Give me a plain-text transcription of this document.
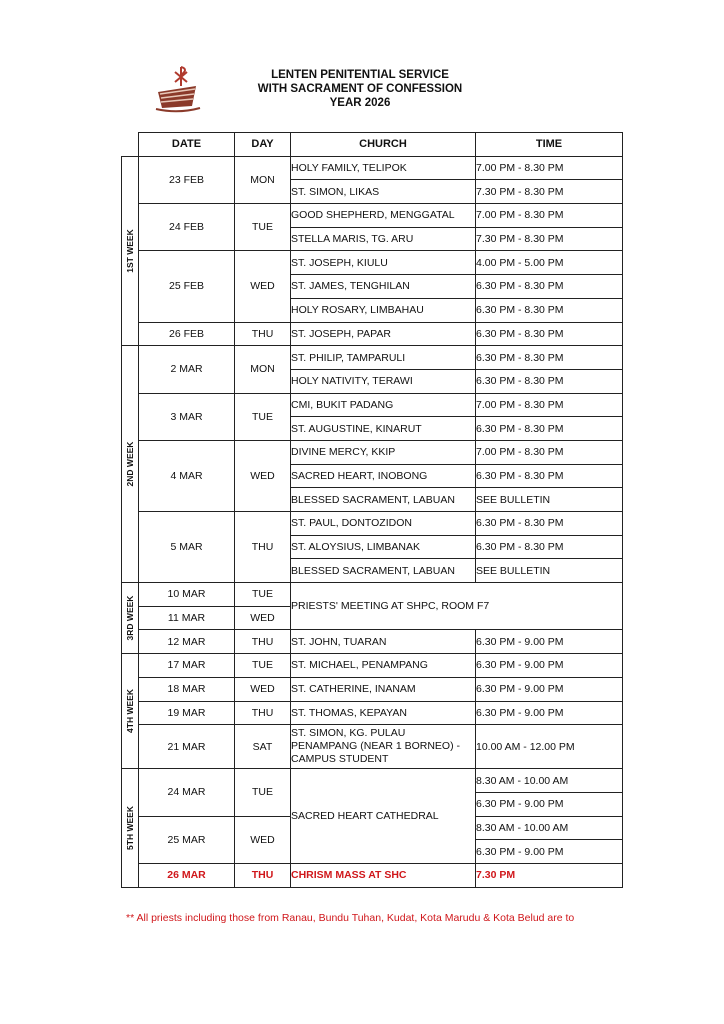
LENTEN PENITENTIAL SERVICE
WITH SACRAMENT OF CONFESSION
YEAR 2026
	DATE	DAY	CHURCH	TIME

1ST WEEK	23 FEB	MON	HOLY FAMILY, TELIPOK	7.00 PM - 8.30 PM
			ST. SIMON, LIKAS	7.30 PM - 8.30 PM
	24 FEB	TUE	GOOD SHEPHERD, MENGGATAL	7.00 PM - 8.30 PM
			STELLA MARIS, TG. ARU	7.30 PM - 8.30 PM
	25 FEB	WED	ST. JOSEPH, KIULU	4.00 PM - 5.00 PM
			ST. JAMES, TENGHILAN	6.30 PM - 8.30 PM
			HOLY ROSARY, LIMBAHAU	6.30 PM - 8.30 PM
	26 FEB	THU	ST. JOSEPH, PAPAR	6.30 PM - 8.30 PM

2ND WEEK	2 MAR	MON	ST. PHILIP, TAMPARULI	6.30 PM - 8.30 PM
			HOLY NATIVITY, TERAWI	6.30 PM - 8.30 PM
	3 MAR	TUE	CMI, BUKIT PADANG	7.00 PM - 8.30 PM
			ST. AUGUSTINE, KINARUT	6.30 PM - 8.30 PM
	4 MAR	WED	DIVINE MERCY, KKIP	7.00 PM - 8.30 PM
			SACRED HEART, INOBONG	6.30 PM - 8.30 PM
			BLESSED SACRAMENT, LABUAN	SEE BULLETIN
	5 MAR	THU	ST. PAUL, DONTOZIDON	6.30 PM - 8.30 PM
			ST. ALOYSIUS, LIMBANAK	6.30 PM - 8.30 PM
			BLESSED SACRAMENT, LABUAN	SEE BULLETIN

3RD WEEK	10 MAR	TUE	PRIESTS' MEETING AT SHPC, ROOM F7	
	11 MAR	WED		
	12 MAR	THU	ST. JOHN, TUARAN	6.30 PM - 9.00 PM

4TH WEEK	17 MAR	TUE	ST. MICHAEL, PENAMPANG	6.30 PM - 9.00 PM
	18 MAR	WED	ST. CATHERINE, INANAM	6.30 PM - 9.00 PM
	19 MAR	THU	ST. THOMAS, KEPAYAN	6.30 PM - 9.00 PM
	21 MAR	SAT	ST. SIMON, KG. PULAU
PENAMPANG (NEAR 1 BORNEO) -
CAMPUS STUDENT	10.00 AM - 12.00 PM

5TH WEEK	24 MAR	TUE	SACRED HEART CATHEDRAL	8.30 AM - 10.00 AM
				6.30 PM - 9.00 PM
	25 MAR	WED		8.30 AM - 10.00 AM
				6.30 PM - 9.00 PM
	26 MAR	THU	CHRISM MASS AT SHC	7.30 PM
** All priests including those from Ranau, Bundu Tuhan, Kudat, Kota Marudu & Kota Belud are to
